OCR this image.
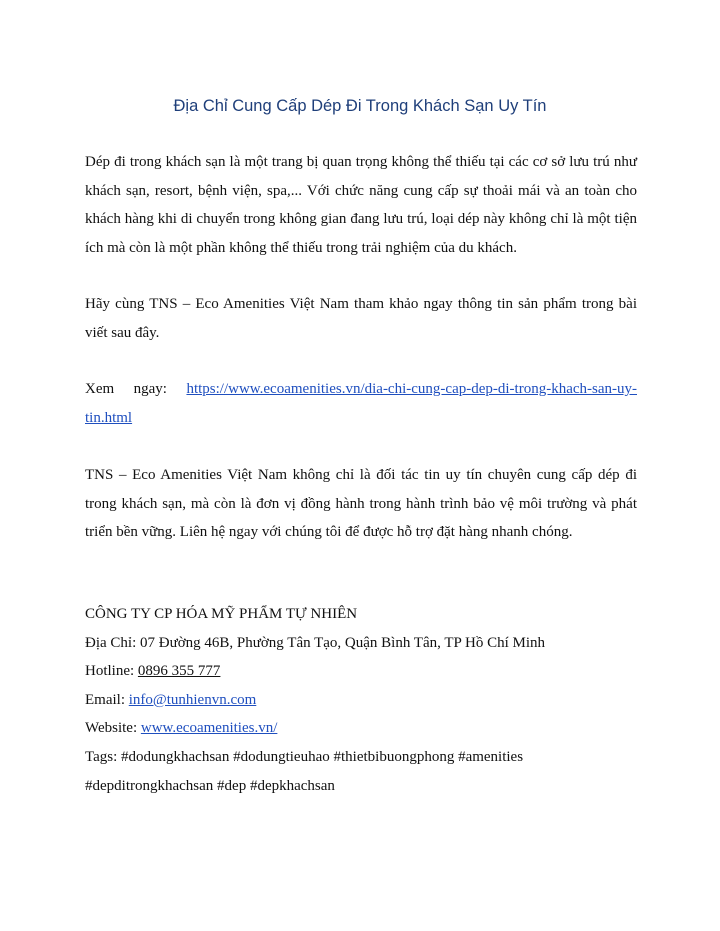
Địa Chỉ Cung Cấp Dép Đi Trong Khách Sạn Uy Tín
Dép đi trong khách sạn là một trang bị quan trọng không thể thiếu tại các cơ sở lưu trú như khách sạn, resort, bệnh viện, spa,... Với chức năng cung cấp sự thoải mái và an toàn cho khách hàng khi di chuyển trong không gian đang lưu trú, loại dép này không chỉ là một tiện ích mà còn là một phần không thể thiếu trong trải nghiệm của du khách.
Hãy cùng TNS – Eco Amenities Việt Nam tham khảo ngay thông tin sản phẩm trong bài viết sau đây.
Xem ngay: https://www.ecoamenities.vn/dia-chi-cung-cap-dep-di-trong-khach-san-uy-tin.html
TNS – Eco Amenities Việt Nam không chỉ là đối tác tin uy tín chuyên cung cấp dép đi trong khách sạn, mà còn là đơn vị đồng hành trong hành trình bảo vệ môi trường và phát triển bền vững. Liên hệ ngay với chúng tôi để được hỗ trợ đặt hàng nhanh chóng.
CÔNG TY CP HÓA MỸ PHẨM TỰ NHIÊN
Địa Chỉ: 07 Đường 46B, Phường Tân Tạo, Quận Bình Tân, TP Hồ Chí Minh
Hotline: 0896 355 777
Email: info@tunhienvn.com
Website: www.ecoamenities.vn/
Tags: #dodungkhachsan #dodungtieuhao #thietbibuongphong #amenities
#depditrongkhachsan #dep #depkhachsan
